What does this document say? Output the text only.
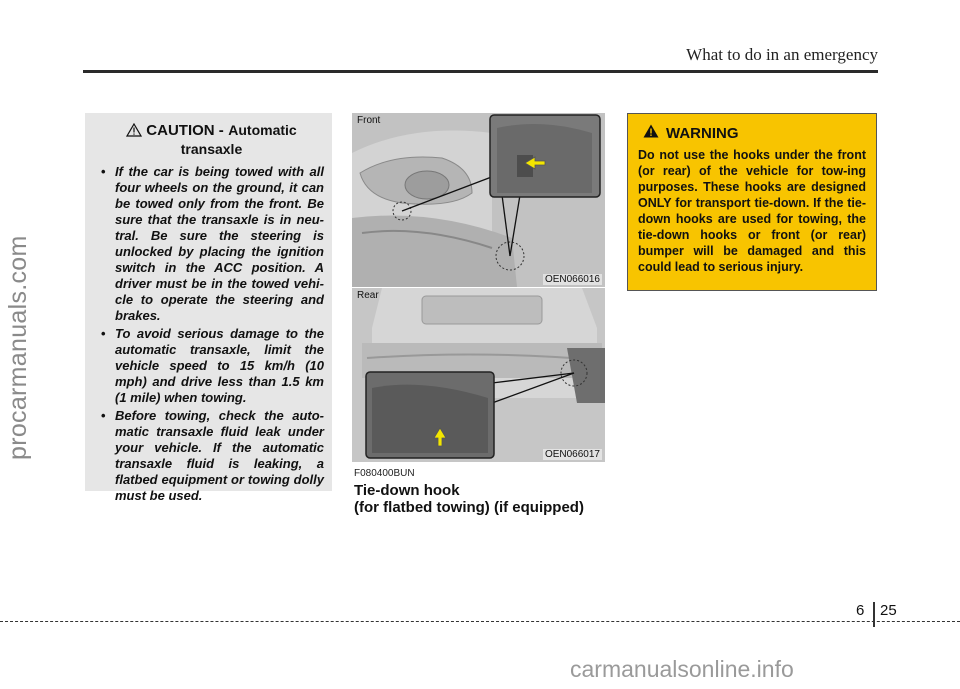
What to do in an emergency
procarmanuals.com
CAUTION - Automatic
transaxle
• If the car is being towed with all four wheels on the ground, it can be towed only from the front. Be sure that the transaxle is in neu-tral. Be sure the steering is unlocked by placing the ignition switch in the ACC position. A driver must be in the towed vehi-cle to operate the steering and brakes.
• To avoid serious damage to the automatic transaxle, limit the vehicle speed to 15 km/h (10 mph) and drive less than 1.5 km (1 mile) when towing.
• Before towing, check the auto-matic transaxle fluid leak under your vehicle. If the automatic transaxle fluid is leaking, a flatbed equipment or towing dolly must be used.
Front
OEN066016
Rear
OEN066017
F080400BUN
Tie-down hook
(for flatbed towing) (if equipped)
WARNING
Do not use the hooks under the front (or rear) of the vehicle for tow-ing purposes. These hooks are designed ONLY for transport tie-down. If the tie-down hooks are used for towing, the tie-down hooks or front (or rear) bumper will be damaged and this could lead to serious injury.
6 25
carmanualsonline.info
